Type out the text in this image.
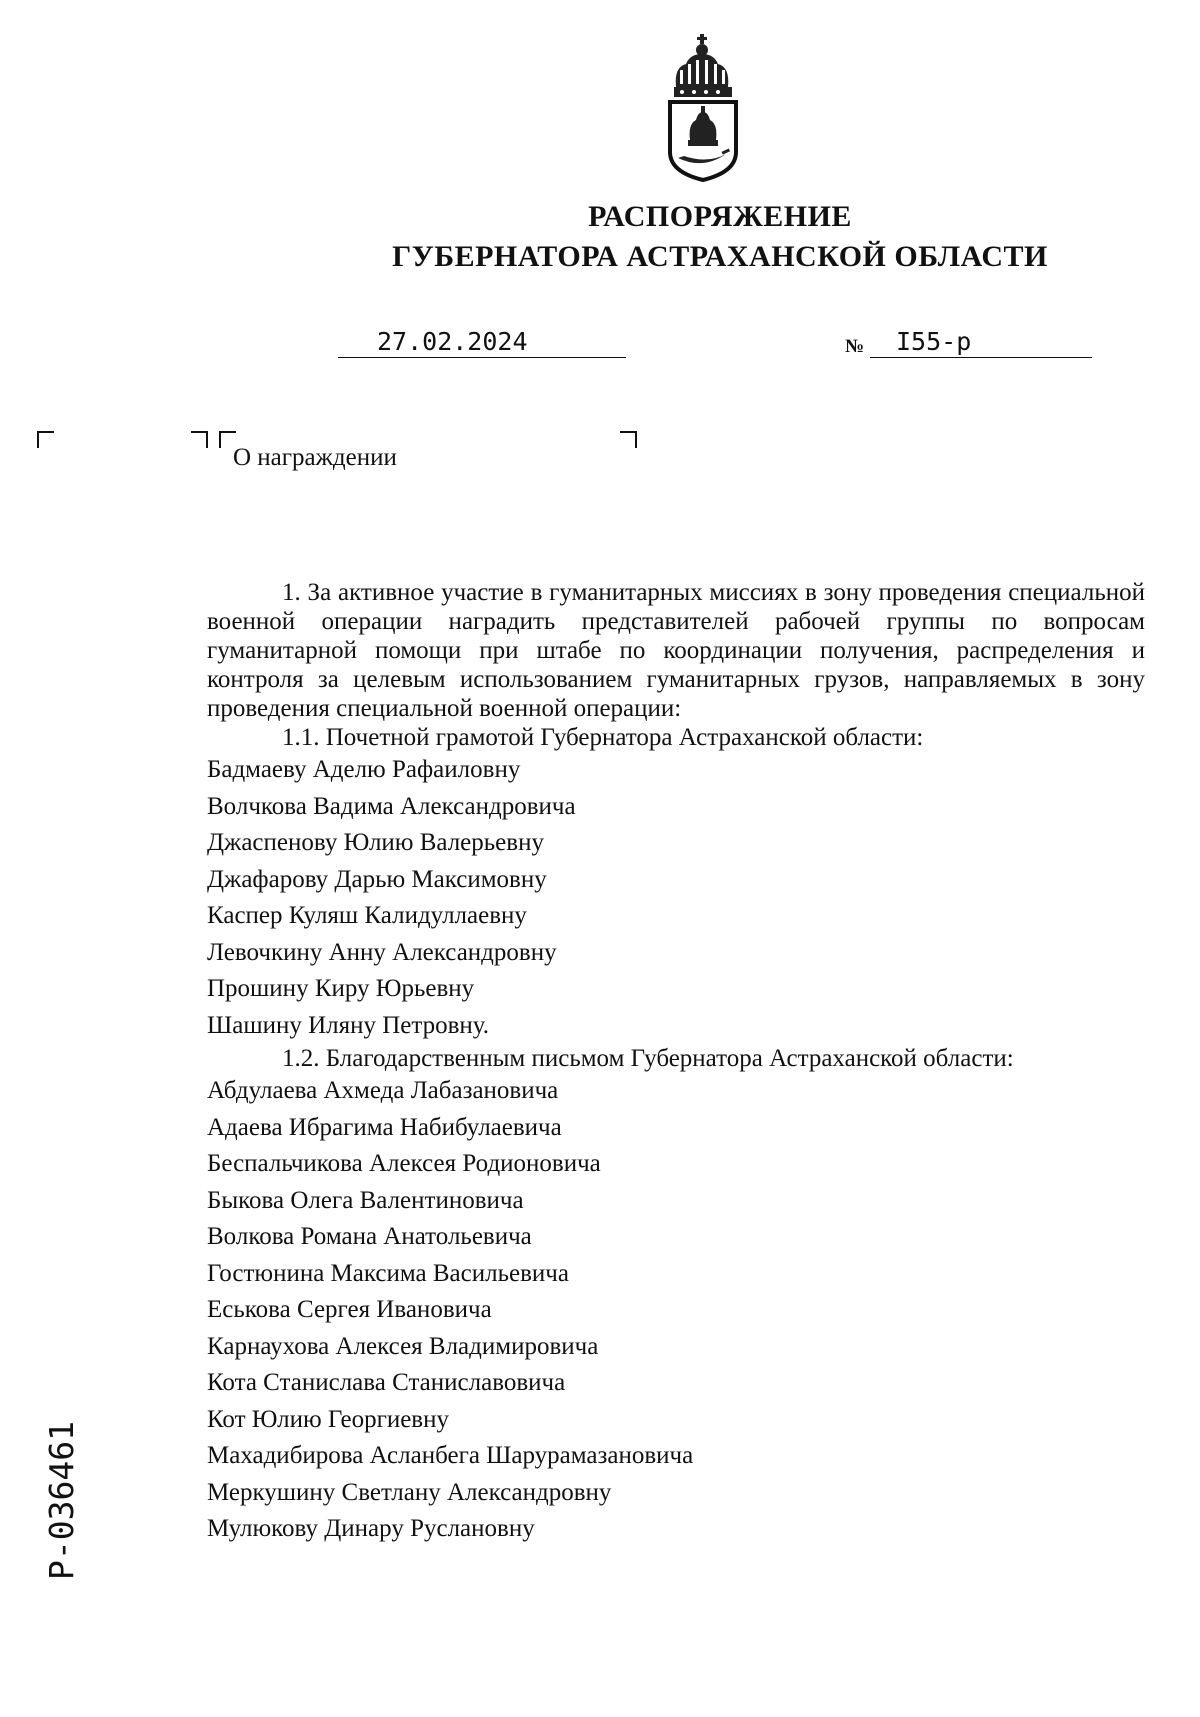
РАСПОРЯЖЕНИЕ
ГУБЕРНАТОРА АСТРАХАНСКОЙ ОБЛАСТИ
27.02.2024	№	I55-р
О награждении

1. За активное участие в гуманитарных миссиях в зону проведения специальной военной операции наградить представителей рабочей группы по вопросам гуманитарной помощи при штабе по координации получения, распределения и контроля за целевым использованием гуманитарных грузов, направляемых в зону проведения специальной военной операции:

1.1. Почетной грамотой Губернатора Астраханской области:

Бадмаеву Аделю Рафаиловну

Волчкова Вадима Александровича

Джаспенову Юлию Валерьевну

Джафарову Дарью Максимовну

Каспер Куляш Калидуллаевну

Левочкину Анну Александровну

Прошину Киру Юрьевну

Шашину Иляну Петровну.

1.2. Благодарственным письмом Губернатора Астраханской области:

Абдулаева Ахмеда Лабазановича

Адаева Ибрагима Набибулаевича

Беспальчикова Алексея Родионовича

Быкова Олега Валентиновича

Волкова Романа Анатольевича

Гостюнина Максима Васильевича

Еськова Сергея Ивановича

Карнаухова Алексея Владимировича

Кота Станислава Станиславовича

Кот Юлию Георгиевну

Махадибирова Асланбега Шарурамазановича

Меркушину Светлану Александровну

Мулюкову Динару Руслановну

Р-036461
